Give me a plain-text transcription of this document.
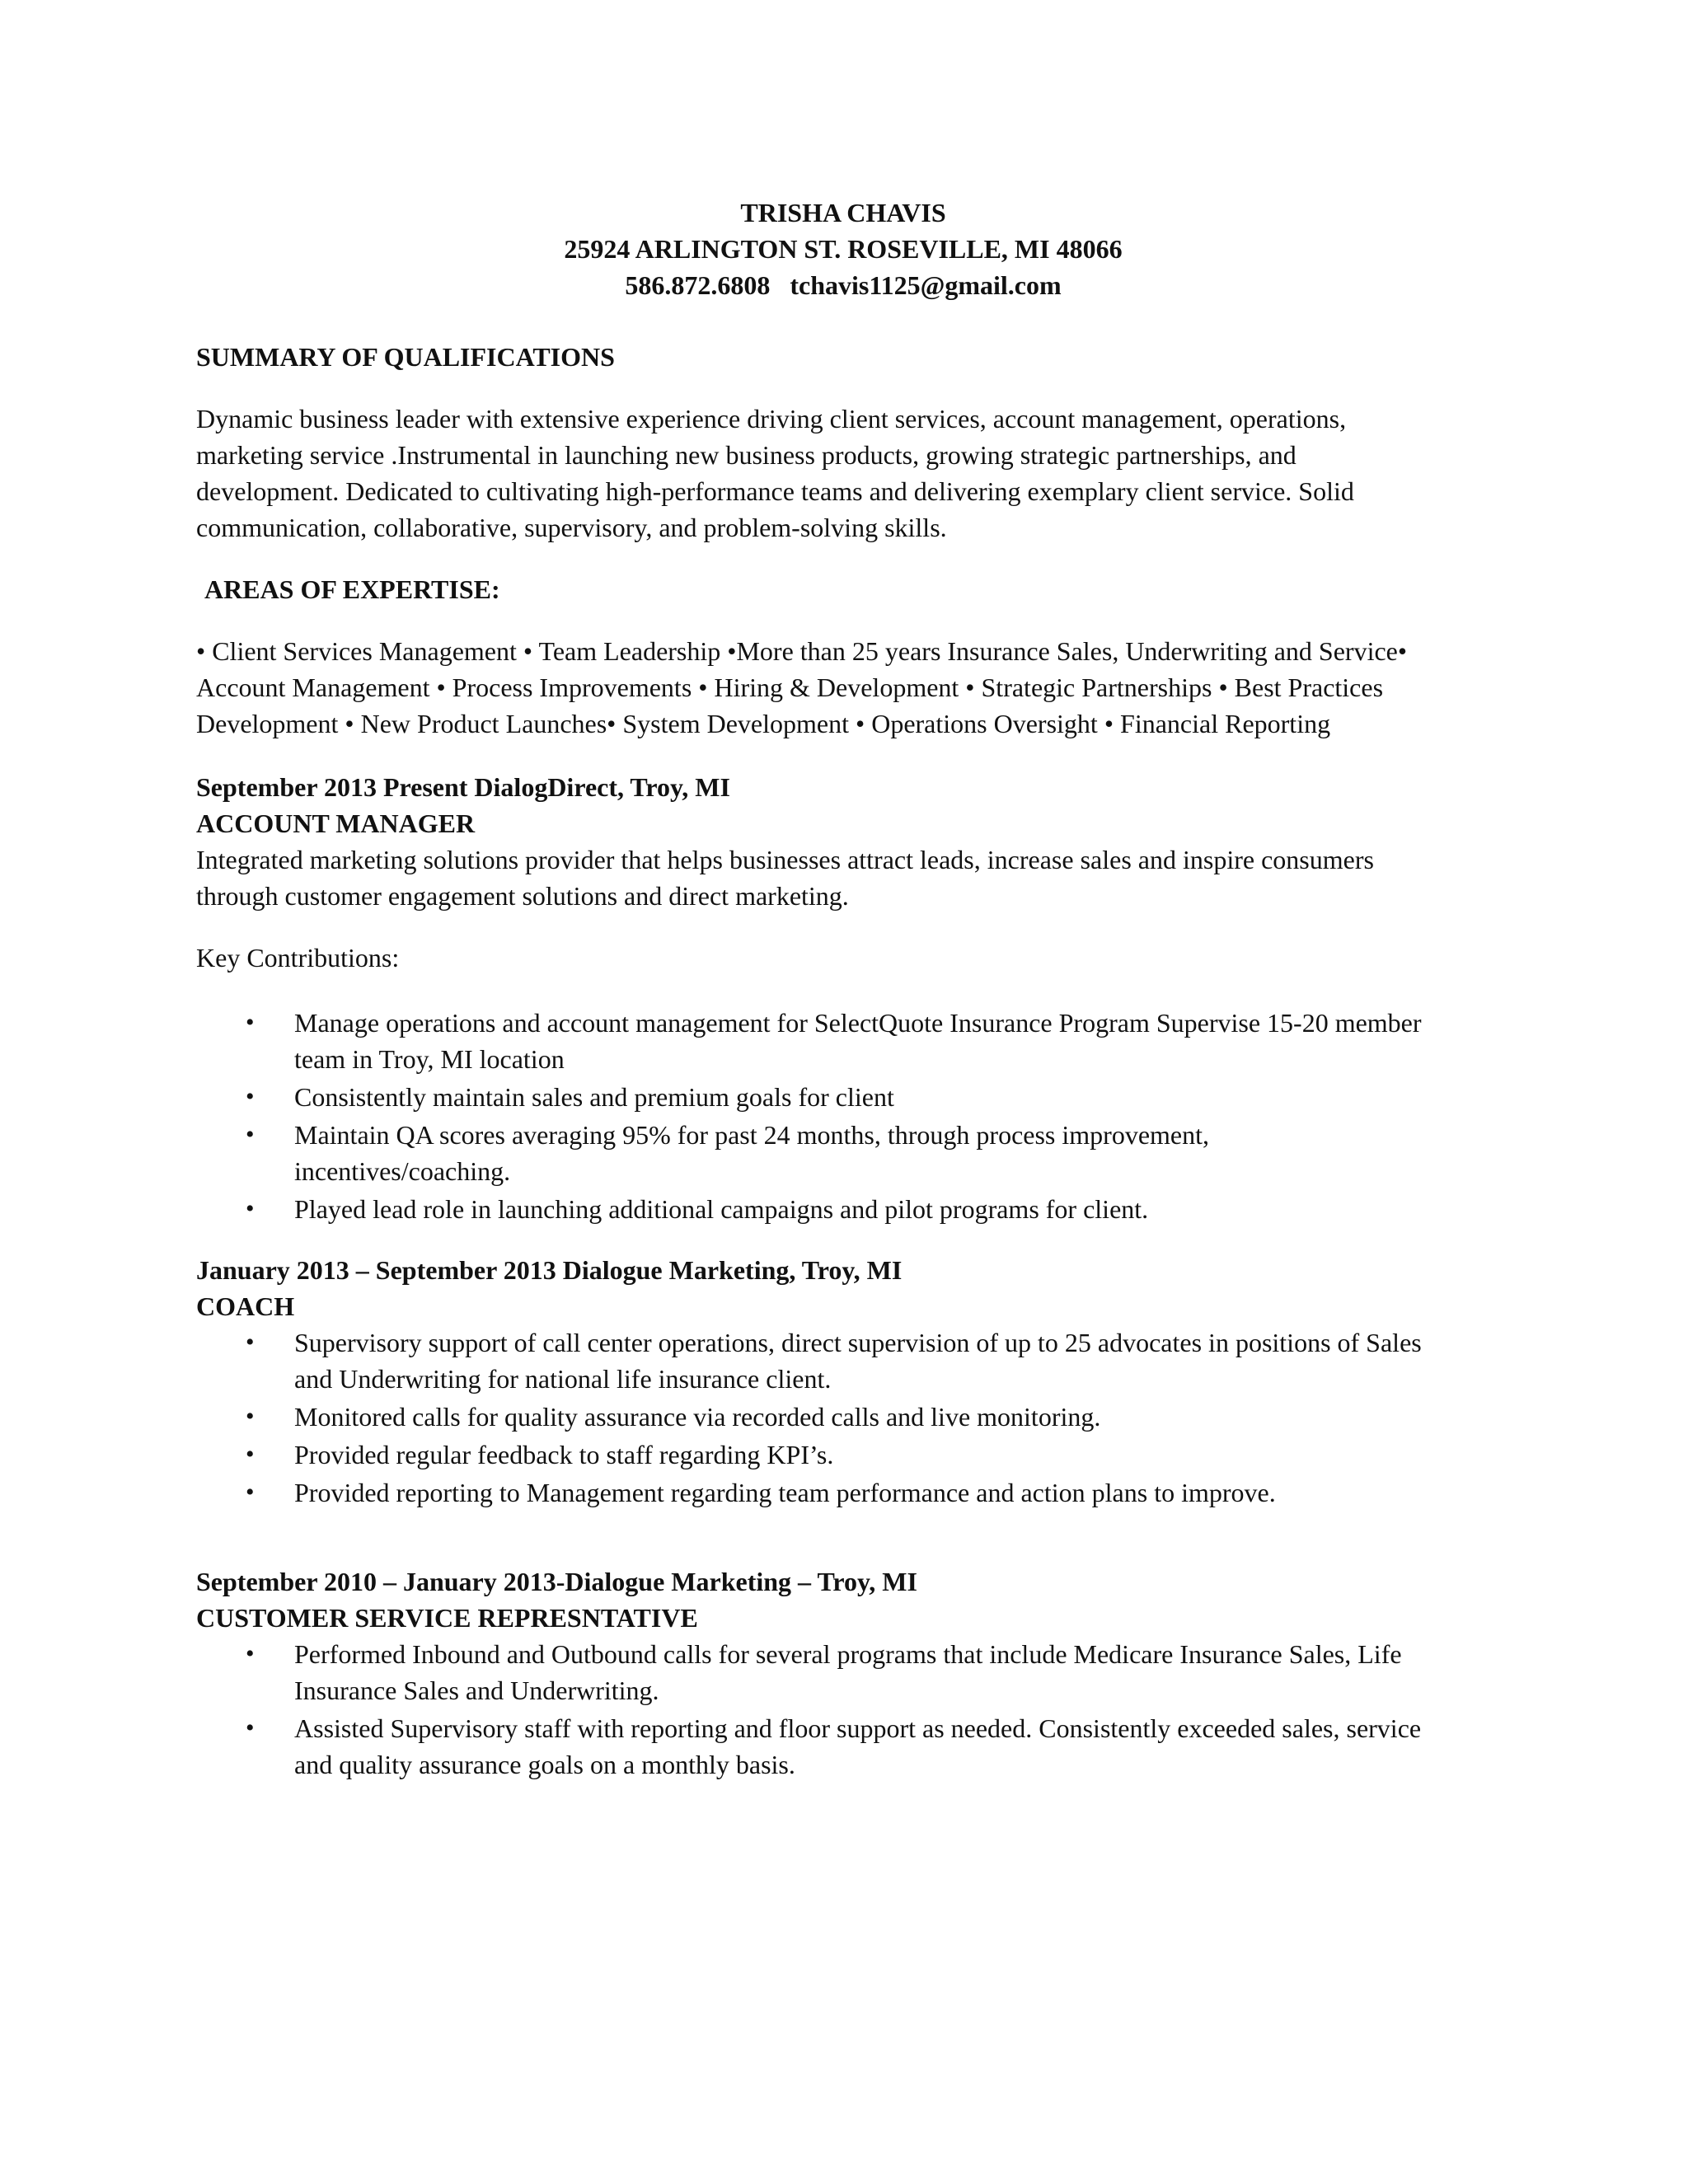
TRISHA CHAVIS
25924 ARLINGTON ST. ROSEVILLE, MI 48066
586.872.6808 tchavis1125@gmail.com
SUMMARY OF QUALIFICATIONS
Dynamic business leader with extensive experience driving client services, account management, operations,
marketing service .Instrumental in launching new business products, growing strategic partnerships, and
development. Dedicated to cultivating high-performance teams and delivering exemplary client service. Solid
communication, collaborative, supervisory, and problem-solving skills.
AREAS OF EXPERTISE:
• Client Services Management • Team Leadership •More than 25 years Insurance Sales, Underwriting and Service•
Account Management • Process Improvements • Hiring & Development • Strategic Partnerships • Best Practices
Development • New Product Launches• System Development • Operations Oversight • Financial Reporting
September 2013 Present DialogDirect, Troy, MI
ACCOUNT MANAGER
Integrated marketing solutions provider that helps businesses attract leads, increase sales and inspire consumers
through customer engagement solutions and direct marketing.
Key Contributions:
• Manage operations and account management for SelectQuote Insurance Program Supervise 15-20 member
team in Troy, MI location
• Consistently maintain sales and premium goals for client
• Maintain QA scores averaging 95% for past 24 months, through process improvement,
incentives/coaching.
• Played lead role in launching additional campaigns and pilot programs for client.
January 2013 – September 2013 Dialogue Marketing, Troy, MI
COACH
• Supervisory support of call center operations, direct supervision of up to 25 advocates in positions of Sales
and Underwriting for national life insurance client.
• Monitored calls for quality assurance via recorded calls and live monitoring.
• Provided regular feedback to staff regarding KPI’s.
• Provided reporting to Management regarding team performance and action plans to improve.
September 2010 – January 2013-Dialogue Marketing – Troy, MI
CUSTOMER SERVICE REPRESNTATIVE
• Performed Inbound and Outbound calls for several programs that include Medicare Insurance Sales, Life
Insurance Sales and Underwriting.
• Assisted Supervisory staff with reporting and floor support as needed. Consistently exceeded sales, service
and quality assurance goals on a monthly basis.
